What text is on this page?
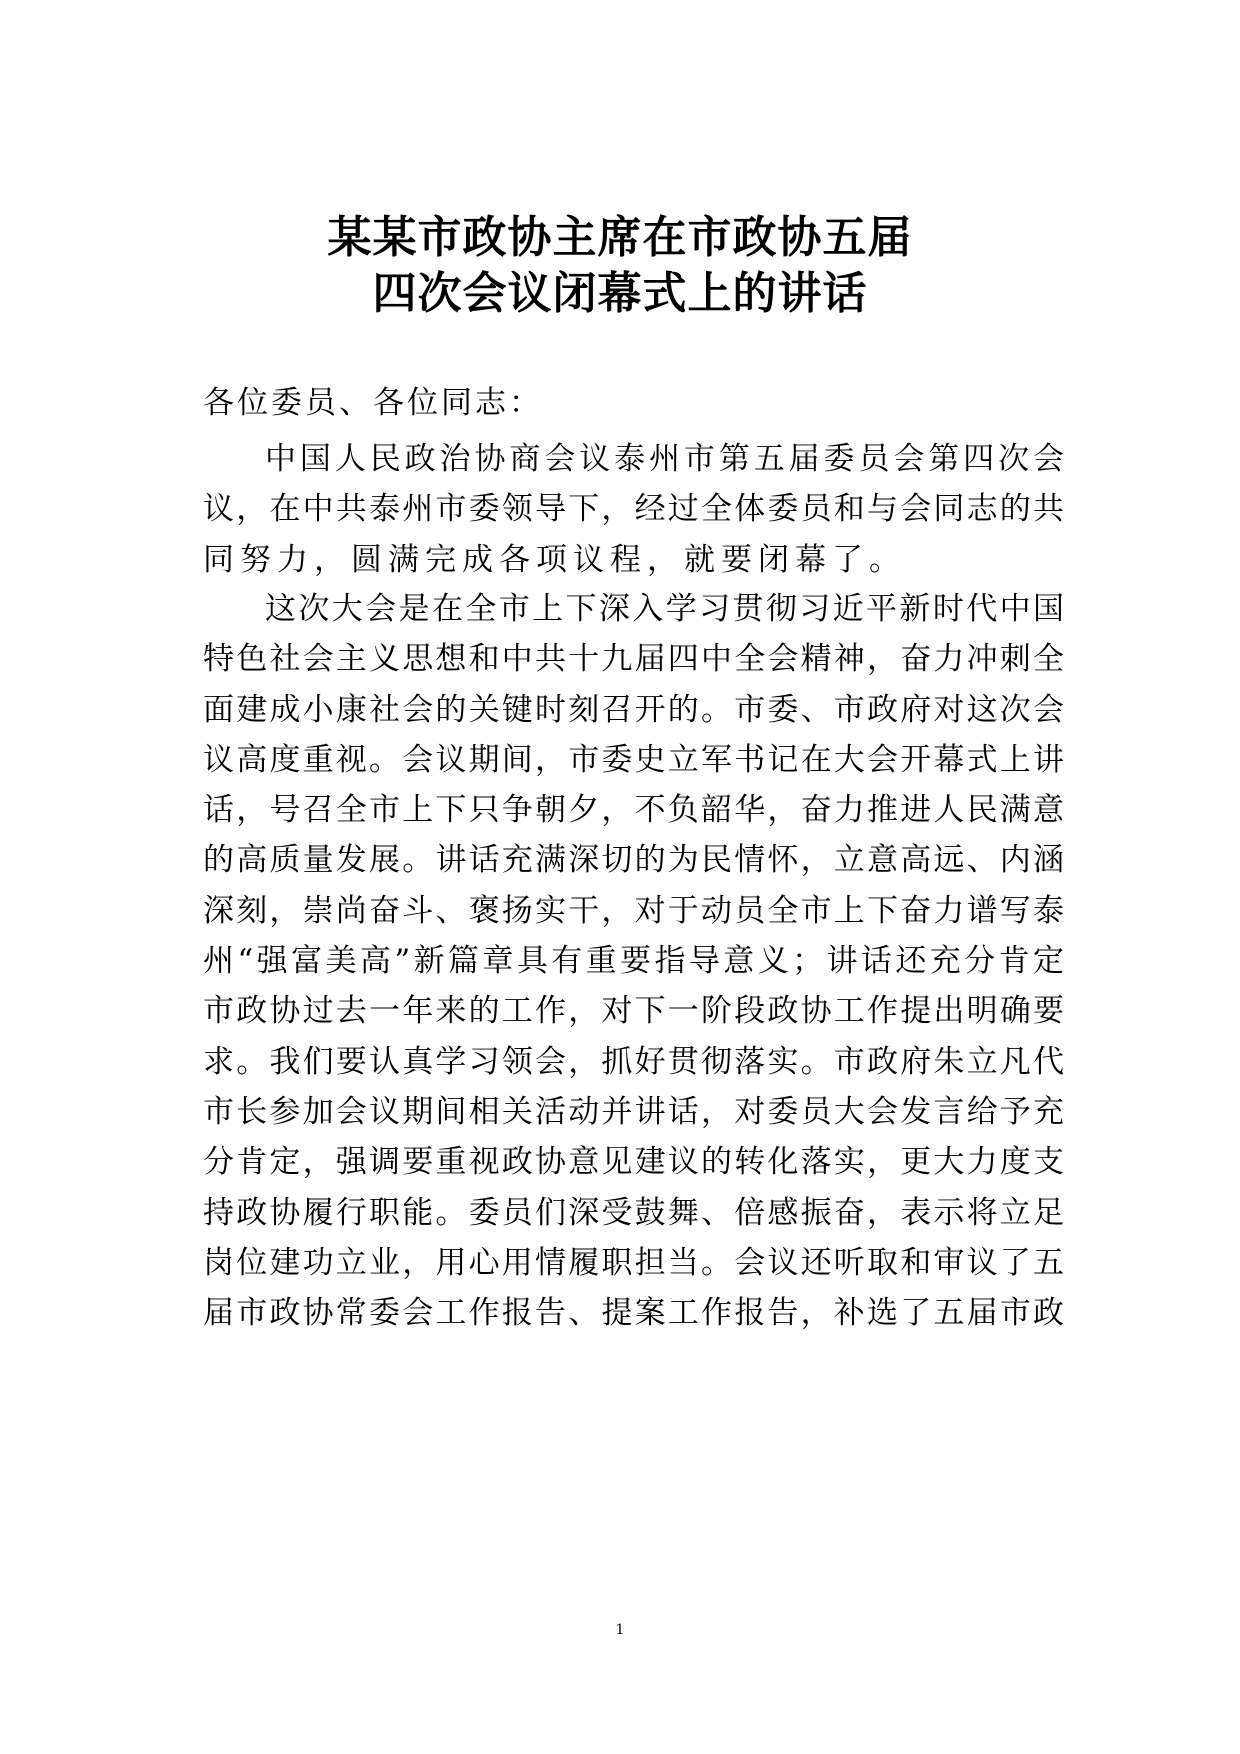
某某市政协主席在市政协五届
四次会议闭幕式上的讲话
各位委员、各位同志：
中国人民政治协商会议泰州市第五届委员会第四次会
议，在中共泰州市委领导下，经过全体委员和与会同志的共
同努力，圆满完成各项议程，就要闭幕了。
这次大会是在全市上下深入学习贯彻习近平新时代中国
特色社会主义思想和中共十九届四中全会精神，奋力冲刺全
面建成小康社会的关键时刻召开的。市委、市政府对这次会
议高度重视。会议期间，市委史立军书记在大会开幕式上讲
话，号召全市上下只争朝夕，不负韶华，奋力推进人民满意
的高质量发展。讲话充满深切的为民情怀，立意高远、内涵
深刻，崇尚奋斗、褒扬实干，对于动员全市上下奋力谱写泰
州“强富美高”新篇章具有重要指导意义；讲话还充分肯定
市政协过去一年来的工作，对下一阶段政协工作提出明确要
求。我们要认真学习领会，抓好贯彻落实。市政府朱立凡代
市长参加会议期间相关活动并讲话，对委员大会发言给予充
分肯定，强调要重视政协意见建议的转化落实，更大力度支
持政协履行职能。委员们深受鼓舞、倍感振奋，表示将立足
岗位建功立业，用心用情履职担当。会议还听取和审议了五
届市政协常委会工作报告、提案工作报告，补选了五届市政
1
